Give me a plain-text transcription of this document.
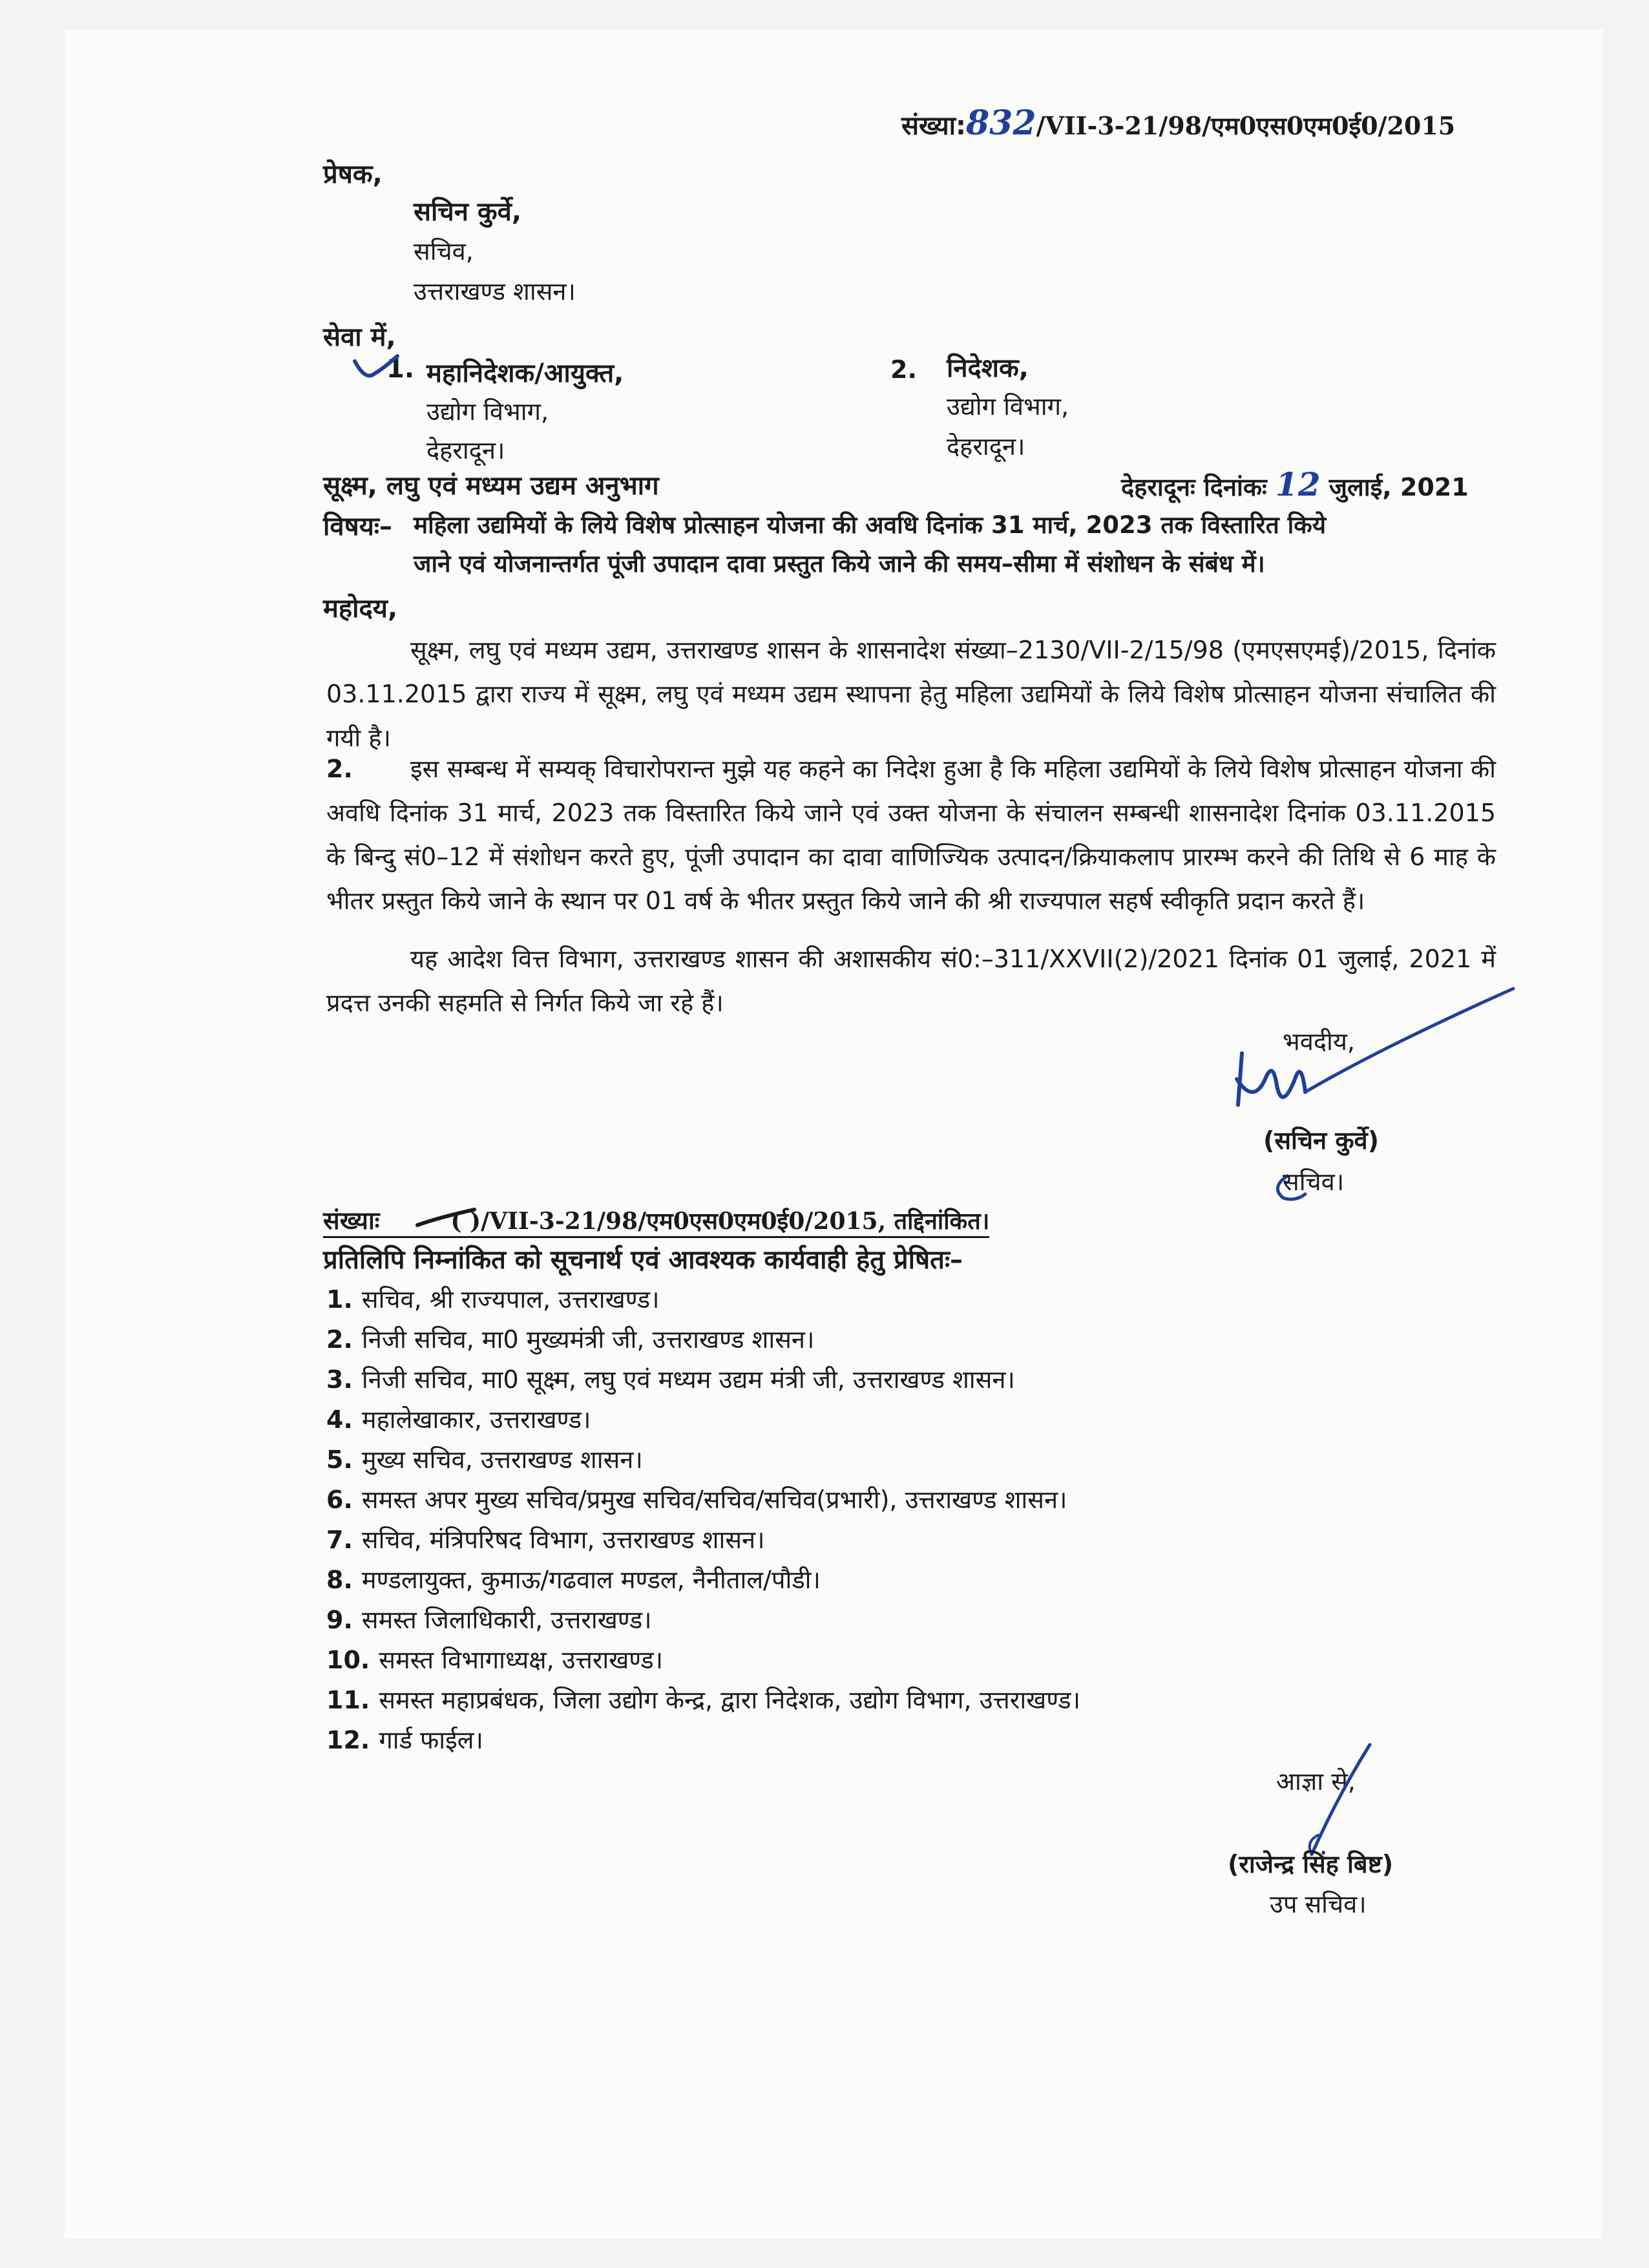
संख्या:832/VII-3-21/98/एम0एस0एम0ई0/2015
प्रेषक,
सचिन कुर्वे,
सचिव,
उत्तराखण्ड शासन।
सेवा में,
1. महानिदेशक/आयुक्त,
उद्योग विभाग,
देहरादून।
2. निदेशक,
उद्योग विभाग,
देहरादून।
सूक्ष्म, लघु एवं मध्यम उद्यम अनुभाग	देहरादूनः दिनांकः 12 जुलाई, 2021
विषयः– महिला उद्यमियों के लिये विशेष प्रोत्साहन योजना की अवधि दिनांक 31 मार्च, 2023 तक विस्तारित किये
जाने एवं योजनान्तर्गत पूंजी उपादान दावा प्रस्तुत किये जाने की समय–सीमा में संशोधन के संबंध में।
महोदय,
सूक्ष्म, लघु एवं मध्यम उद्यम, उत्तराखण्ड शासन के शासनादेश संख्या–2130/VII-2/15/98 (एमएसएमई)/2015, दिनांक 03.11.2015 द्वारा राज्य में सूक्ष्म, लघु एवं मध्यम उद्यम स्थापना हेतु महिला उद्यमियों के लिये विशेष प्रोत्साहन योजना संचालित की गयी है।
2. इस सम्बन्ध में सम्यक् विचारोपरान्त मुझे यह कहने का निदेश हुआ है कि महिला उद्यमियों के लिये विशेष प्रोत्साहन योजना की अवधि दिनांक 31 मार्च, 2023 तक विस्तारित किये जाने एवं उक्त योजना के संचालन सम्बन्धी शासनादेश दिनांक 03.11.2015 के बिन्दु सं0–12 में संशोधन करते हुए, पूंजी उपादान का दावा वाणिज्यिक उत्पादन/क्रियाकलाप प्रारम्भ करने की तिथि से 6 माह के भीतर प्रस्तुत किये जाने के स्थान पर 01 वर्ष के भीतर प्रस्तुत किये जाने की श्री राज्यपाल सहर्ष स्वीकृति प्रदान करते हैं।
यह आदेश वित्त विभाग, उत्तराखण्ड शासन की अशासकीय सं0:–311/XXVII(2)/2021 दिनांक 01 जुलाई, 2021 में प्रदत्त उनकी सहमति से निर्गत किये जा रहे हैं।
भवदीय,
(सचिन कुर्वे)
सचिव।
संख्याः	( )/VII-3-21/98/एम0एस0एम0ई0/2015, तद्दिनांकित।
प्रतिलिपि निम्नांकित को सूचनार्थ एवं आवश्यक कार्यवाही हेतु प्रेषितः–
1. सचिव, श्री राज्यपाल, उत्तराखण्ड।
2. निजी सचिव, मा0 मुख्यमंत्री जी, उत्तराखण्ड शासन।
3. निजी सचिव, मा0 सूक्ष्म, लघु एवं मध्यम उद्यम मंत्री जी, उत्तराखण्ड शासन।
4. महालेखाकार, उत्तराखण्ड।
5. मुख्य सचिव, उत्तराखण्ड शासन।
6. समस्त अपर मुख्य सचिव/प्रमुख सचिव/सचिव/सचिव(प्रभारी), उत्तराखण्ड शासन।
7. सचिव, मंत्रिपरिषद विभाग, उत्तराखण्ड शासन।
8. मण्डलायुक्त, कुमाऊ/गढवाल मण्डल, नैनीताल/पौडी।
9. समस्त जिलाधिकारी, उत्तराखण्ड।
10. समस्त विभागाध्यक्ष, उत्तराखण्ड।
11. समस्त महाप्रबंधक, जिला उद्योग केन्द्र, द्वारा निदेशक, उद्योग विभाग, उत्तराखण्ड।
12. गार्ड फाईल।
आज्ञा से,
(राजेन्द्र सिंह बिष्ट)
उप सचिव।
